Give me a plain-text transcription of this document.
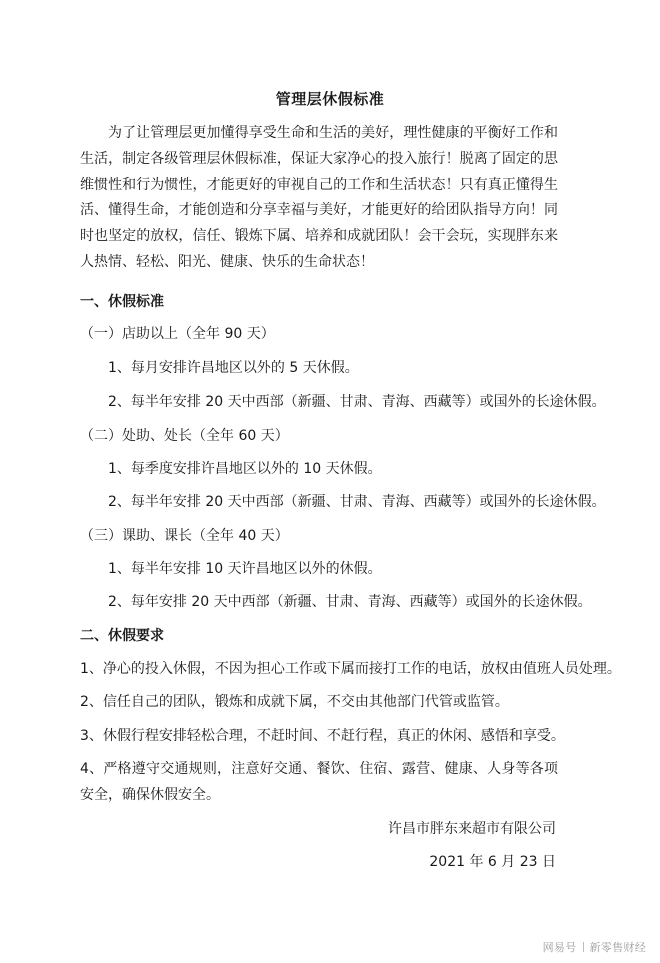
管理层休假标准

为了让管理层更加懂得享受生命和生活的美好，理性健康的平衡好工作和生活，制定各级管理层休假标准，保证大家净心的投入旅行！脱离了固定的思维惯性和行为惯性，才能更好的审视自己的工作和生活状态！只有真正懂得生活、懂得生命，才能创造和分享幸福与美好，才能更好的给团队指导方向！同时也坚定的放权，信任、锻炼下属、培养和成就团队！会干会玩，实现胖东来人热情、轻松、阳光、健康、快乐的生命状态！

一、休假标准
（一）店助以上（全年 90 天）
1、每月安排许昌地区以外的 5 天休假。
2、每半年安排 20 天中西部（新疆、甘肃、青海、西藏等）或国外的长途休假。
（二）处助、处长（全年 60 天）
1、每季度安排许昌地区以外的 10 天休假。
2、每半年安排 20 天中西部（新疆、甘肃、青海、西藏等）或国外的长途休假。
（三）课助、课长（全年 40 天）
1、每半年安排 10 天许昌地区以外的休假。
2、每年安排 20 天中西部（新疆、甘肃、青海、西藏等）或国外的长途休假。
二、休假要求
1、净心的投入休假，不因为担心工作或下属而接打工作的电话，放权由值班人员处理。
2、信任自己的团队，锻炼和成就下属，不交由其他部门代管或监管。
3、休假行程安排轻松合理，不赶时间、不赶行程，真正的休闲、感悟和享受。
4、严格遵守交通规则，注意好交通、餐饮、住宿、露营、健康、人身等各项安全，确保休假安全。
许昌市胖东来超市有限公司
2021 年 6 月 23 日
网易号 新零售财经
